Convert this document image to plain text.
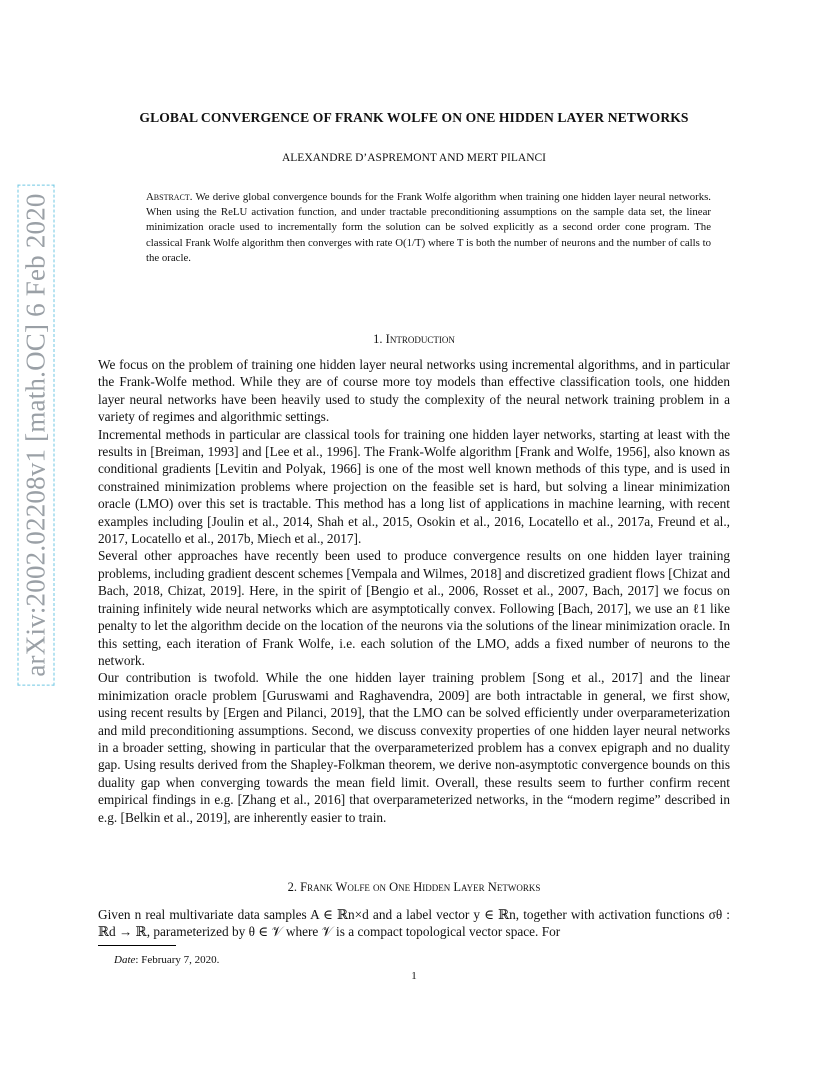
arXiv:2002.02208v1 [math.OC] 6 Feb 2020
GLOBAL CONVERGENCE OF FRANK WOLFE ON ONE HIDDEN LAYER NETWORKS
ALEXANDRE D’ASPREMONT AND MERT PILANCI
Abstract. We derive global convergence bounds for the Frank Wolfe algorithm when training one hidden layer neural networks. When using the ReLU activation function, and under tractable preconditioning assumptions on the sample data set, the linear minimization oracle used to incrementally form the solution can be solved explicitly as a second order cone program. The classical Frank Wolfe algorithm then converges with rate O(1/T) where T is both the number of neurons and the number of calls to the oracle.
1. Introduction

We focus on the problem of training one hidden layer neural networks using incremental algorithms, and in particular the Frank-Wolfe method. While they are of course more toy models than effective classification tools, one hidden layer neural networks have been heavily used to study the complexity of the neural network training problem in a variety of regimes and algorithmic settings.

Incremental methods in particular are classical tools for training one hidden layer networks, starting at least with the results in [Breiman, 1993] and [Lee et al., 1996]. The Frank-Wolfe algorithm [Frank and Wolfe, 1956], also known as conditional gradients [Levitin and Polyak, 1966] is one of the most well known methods of this type, and is used in constrained minimization problems where projection on the feasible set is hard, but solving a linear minimization oracle (LMO) over this set is tractable. This method has a long list of applications in machine learning, with recent examples including [Joulin et al., 2014, Shah et al., 2015, Osokin et al., 2016, Locatello et al., 2017a, Freund et al., 2017, Locatello et al., 2017b, Miech et al., 2017].

Several other approaches have recently been used to produce convergence results on one hidden layer training problems, including gradient descent schemes [Vempala and Wilmes, 2018] and discretized gradient flows [Chizat and Bach, 2018, Chizat, 2019]. Here, in the spirit of [Bengio et al., 2006, Rosset et al., 2007, Bach, 2017] we focus on training infinitely wide neural networks which are asymptotically convex. Following [Bach, 2017], we use an ℓ1 like penalty to let the algorithm decide on the location of the neurons via the solutions of the linear minimization oracle. In this setting, each iteration of Frank Wolfe, i.e. each solution of the LMO, adds a fixed number of neurons to the network.

Our contribution is twofold. While the one hidden layer training problem [Song et al., 2017] and the linear minimization oracle problem [Guruswami and Raghavendra, 2009] are both intractable in general, we first show, using recent results by [Ergen and Pilanci, 2019], that the LMO can be solved efficiently under overparameterization and mild preconditioning assumptions. Second, we discuss convexity properties of one hidden layer neural networks in a broader setting, showing in particular that the overparameterized problem has a convex epigraph and no duality gap. Using results derived from the Shapley-Folkman theorem, we derive non-asymptotic convergence bounds on this duality gap when converging towards the mean field limit. Overall, these results seem to further confirm recent empirical findings in e.g. [Zhang et al., 2016] that overparameterized networks, in the “modern regime” described in e.g. [Belkin et al., 2019], are inherently easier to train.

2. Frank Wolfe on One Hidden Layer Networks

Given n real multivariate data samples A ∈ ℝn×d and a label vector y ∈ ℝn, together with activation functions σθ : ℝd → ℝ, parameterized by θ ∈ 𝒱 where 𝒱 is a compact topological vector space. For

Date: February 7, 2020.
1
